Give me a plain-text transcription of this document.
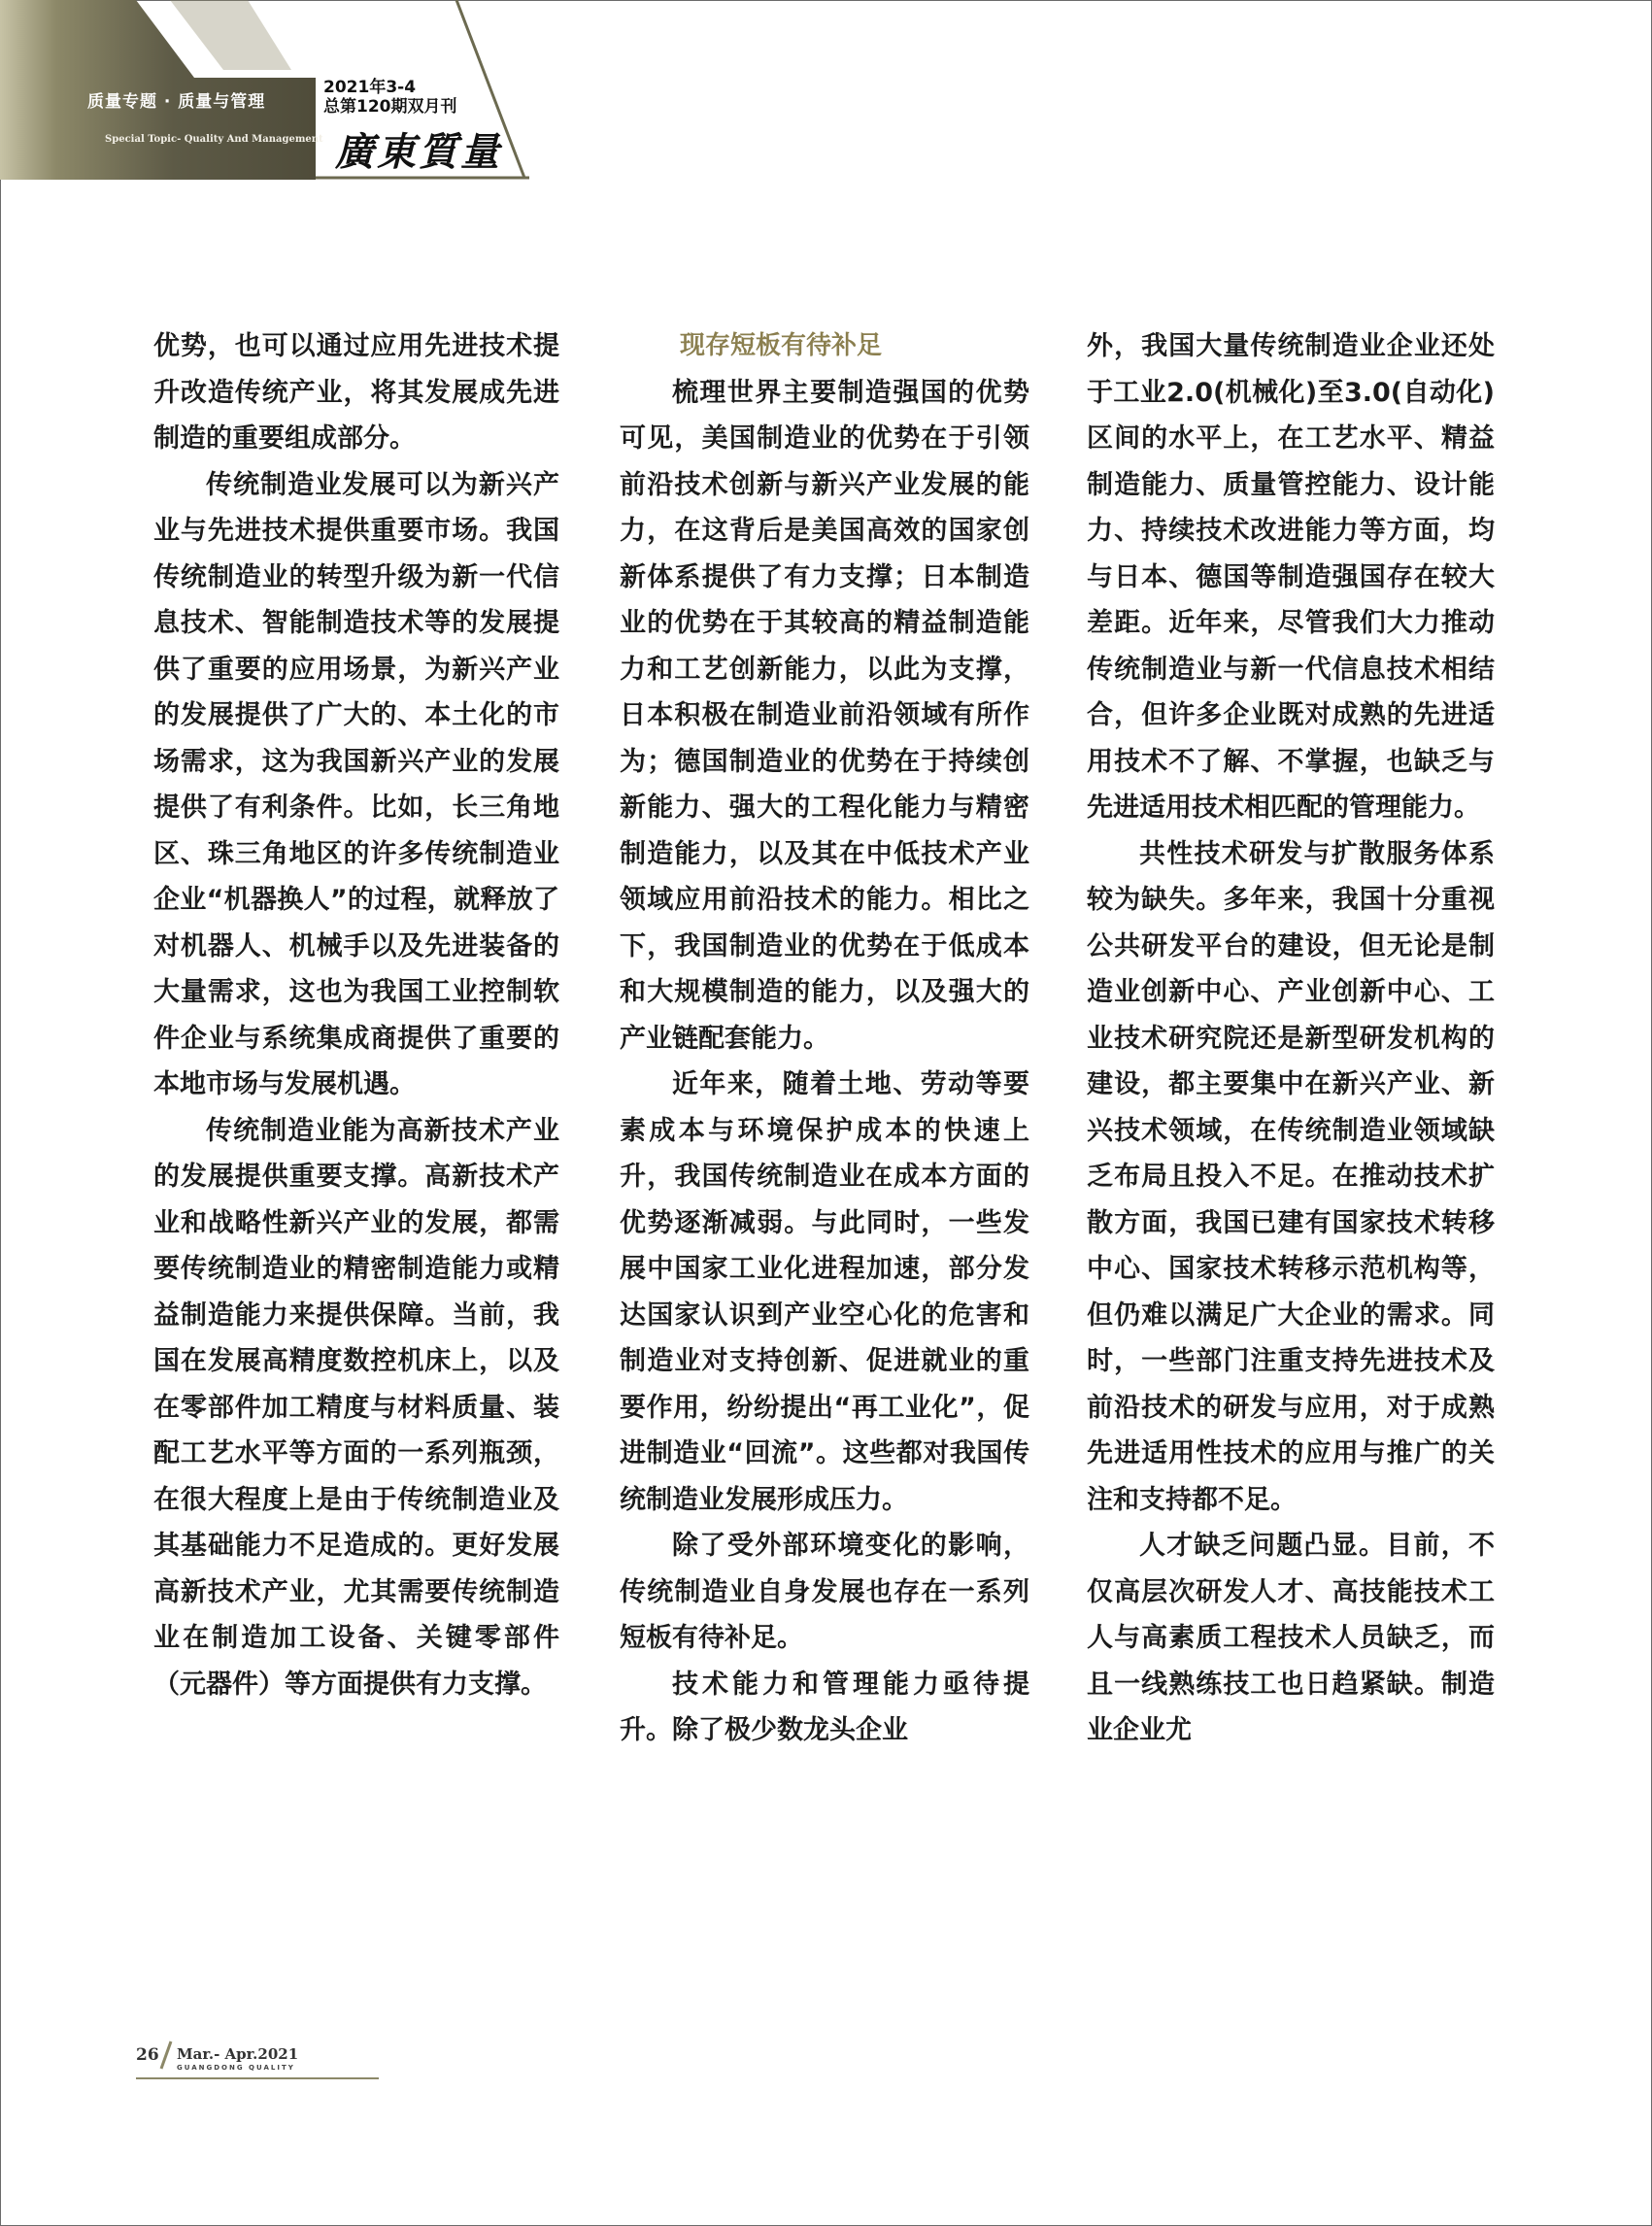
质量专题 · 质量与管理
Special Topic- Quality And Management
2021年3-4
总第120期双月刊
廣東質量

优势，也可以通过应用先进技术提升改造传统产业，将其发展成先进制造的重要组成部分。

传统制造业发展可以为新兴产业与先进技术提供重要市场。我国传统制造业的转型升级为新一代信息技术、智能制造技术等的发展提供了重要的应用场景，为新兴产业的发展提供了广大的、本土化的市场需求，这为我国新兴产业的发展提供了有利条件。比如，长三角地区、珠三角地区的许多传统制造业企业“机器换人”的过程，就释放了对机器人、机械手以及先进装备的大量需求，这也为我国工业控制软件企业与系统集成商提供了重要的本地市场与发展机遇。

传统制造业能为高新技术产业的发展提供重要支撑。高新技术产业和战略性新兴产业的发展，都需要传统制造业的精密制造能力或精益制造能力来提供保障。当前，我国在发展高精度数控机床上，以及在零部件加工精度与材料质量、装配工艺水平等方面的一系列瓶颈，在很大程度上是由于传统制造业及其基础能力不足造成的。更好发展高新技术产业，尤其需要传统制造业在制造加工设备、关键零部件（元器件）等方面提供有力支撑。

现存短板有待补足

梳理世界主要制造强国的优势可见，美国制造业的优势在于引领前沿技术创新与新兴产业发展的能力，在这背后是美国高效的国家创新体系提供了有力支撑；日本制造业的优势在于其较高的精益制造能力和工艺创新能力，以此为支撑，日本积极在制造业前沿领域有所作为；德国制造业的优势在于持续创新能力、强大的工程化能力与精密制造能力，以及其在中低技术产业领域应用前沿技术的能力。相比之下，我国制造业的优势在于低成本和大规模制造的能力，以及强大的产业链配套能力。

近年来，随着土地、劳动等要素成本与环境保护成本的快速上升，我国传统制造业在成本方面的优势逐渐减弱。与此同时，一些发展中国家工业化进程加速，部分发达国家认识到产业空心化的危害和制造业对支持创新、促进就业的重要作用，纷纷提出“再工业化”，促进制造业“回流”。这些都对我国传统制造业发展形成压力。

除了受外部环境变化的影响，传统制造业自身发展也存在一系列短板有待补足。

技术能力和管理能力亟待提升。除了极少数龙头企业

外，我国大量传统制造业企业还处于工业2.0(机械化)至3.0(自动化)区间的水平上，在工艺水平、精益制造能力、质量管控能力、设计能力、持续技术改进能力等方面，均与日本、德国等制造强国存在较大差距。近年来，尽管我们大力推动传统制造业与新一代信息技术相结合，但许多企业既对成熟的先进适用技术不了解、不掌握，也缺乏与先进适用技术相匹配的管理能力。

共性技术研发与扩散服务体系较为缺失。多年来，我国十分重视公共研发平台的建设，但无论是制造业创新中心、产业创新中心、工业技术研究院还是新型研发机构的建设，都主要集中在新兴产业、新兴技术领域，在传统制造业领域缺乏布局且投入不足。在推动技术扩散方面，我国已建有国家技术转移中心、国家技术转移示范机构等，但仍难以满足广大企业的需求。同时，一些部门注重支持先进技术及前沿技术的研发与应用，对于成熟先进适用性技术的应用与推广的关注和支持都不足。

人才缺乏问题凸显。目前，不仅高层次研发人才、高技能技术工人与高素质工程技术人员缺乏，而且一线熟练技工也日趋紧缺。制造业企业尤

26 Mar.- Apr.2021
GUANGDONG QUALITY
